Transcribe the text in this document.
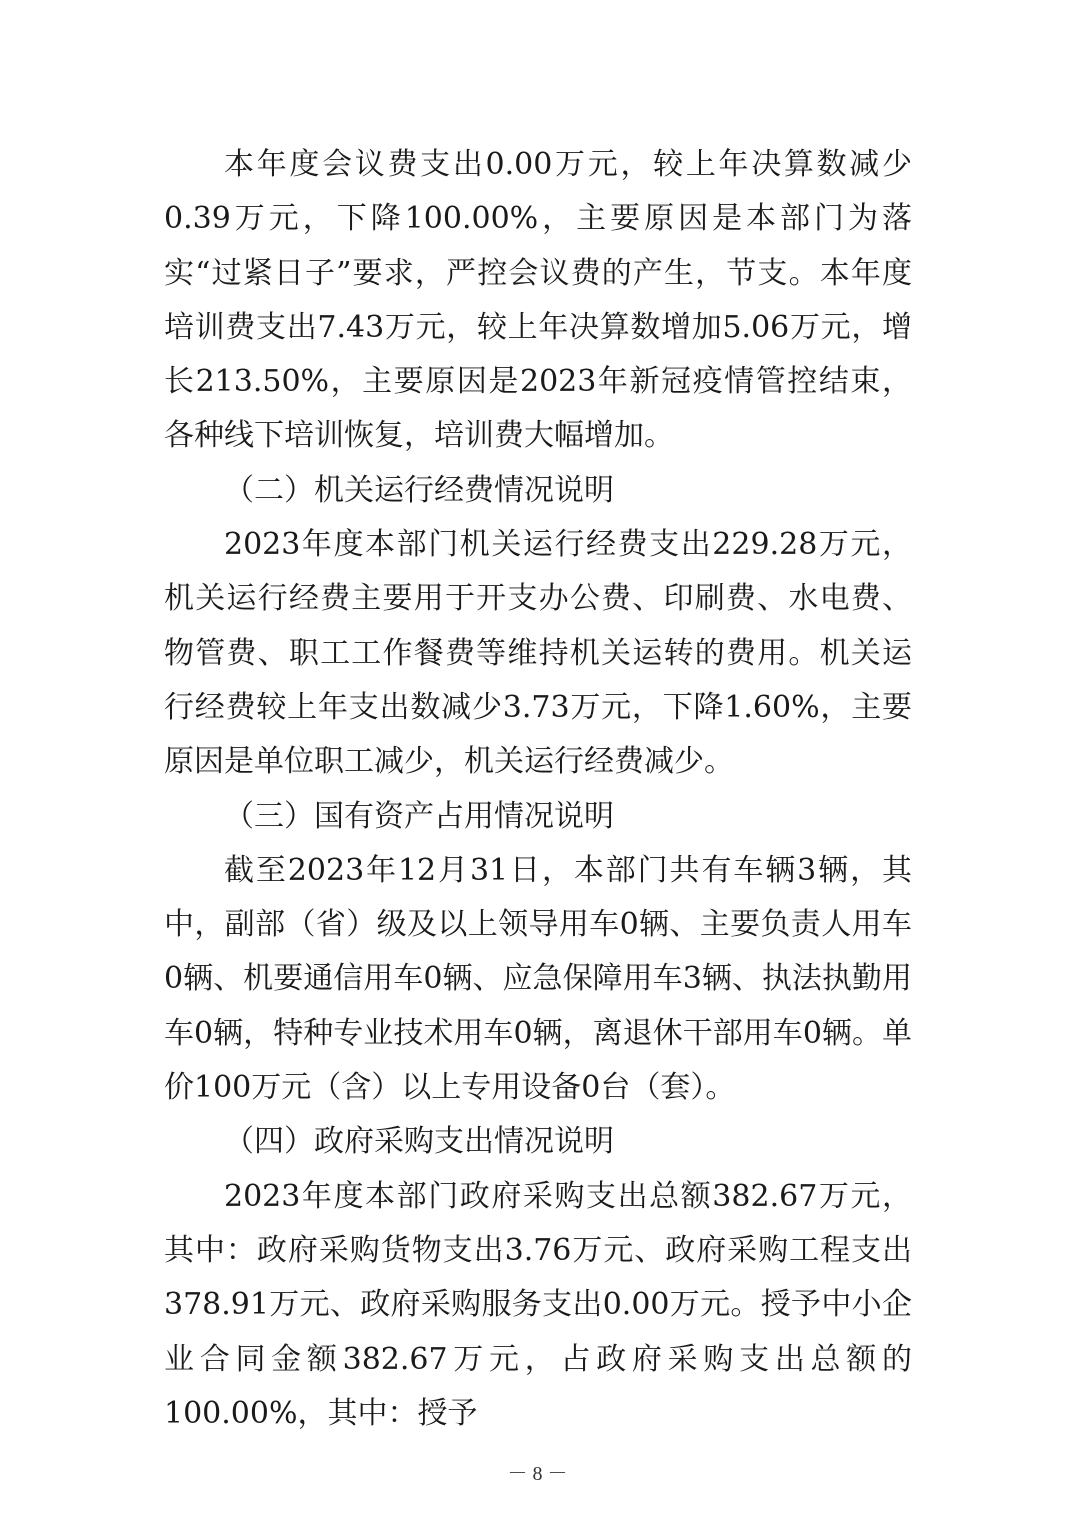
本年度会议费支出0.00万元，较上年决算数减少0.39万元，下降100.00%，主要原因是本部门为落实“过紧日子”要求，严控会议费的产生，节支。本年度培训费支出7.43万元，较上年决算数增加5.06万元，增长213.50%，主要原因是2023年新冠疫情管控结束，各种线下培训恢复，培训费大幅增加。

（二）机关运行经费情况说明

2023年度本部门机关运行经费支出229.28万元，机关运行经费主要用于开支办公费、印刷费、水电费、物管费、职工工作餐费等维持机关运转的费用。机关运行经费较上年支出数减少3.73万元，下降1.60%，主要原因是单位职工减少，机关运行经费减少。

（三）国有资产占用情况说明

截至2023年12月31日，本部门共有车辆3辆，其中，副部（省）级及以上领导用车0辆、主要负责人用车0辆、机要通信用车0辆、应急保障用车3辆、执法执勤用车0辆，特种专业技术用车0辆，离退休干部用车0辆。单价100万元（含）以上专用设备0台（套）。

（四）政府采购支出情况说明

2023年度本部门政府采购支出总额382.67万元，其中：政府采购货物支出3.76万元、政府采购工程支出378.91万元、政府采购服务支出0.00万元。授予中小企业合同金额382.67万元，占政府采购支出总额的100.00%，其中：授予

－ 8 －
